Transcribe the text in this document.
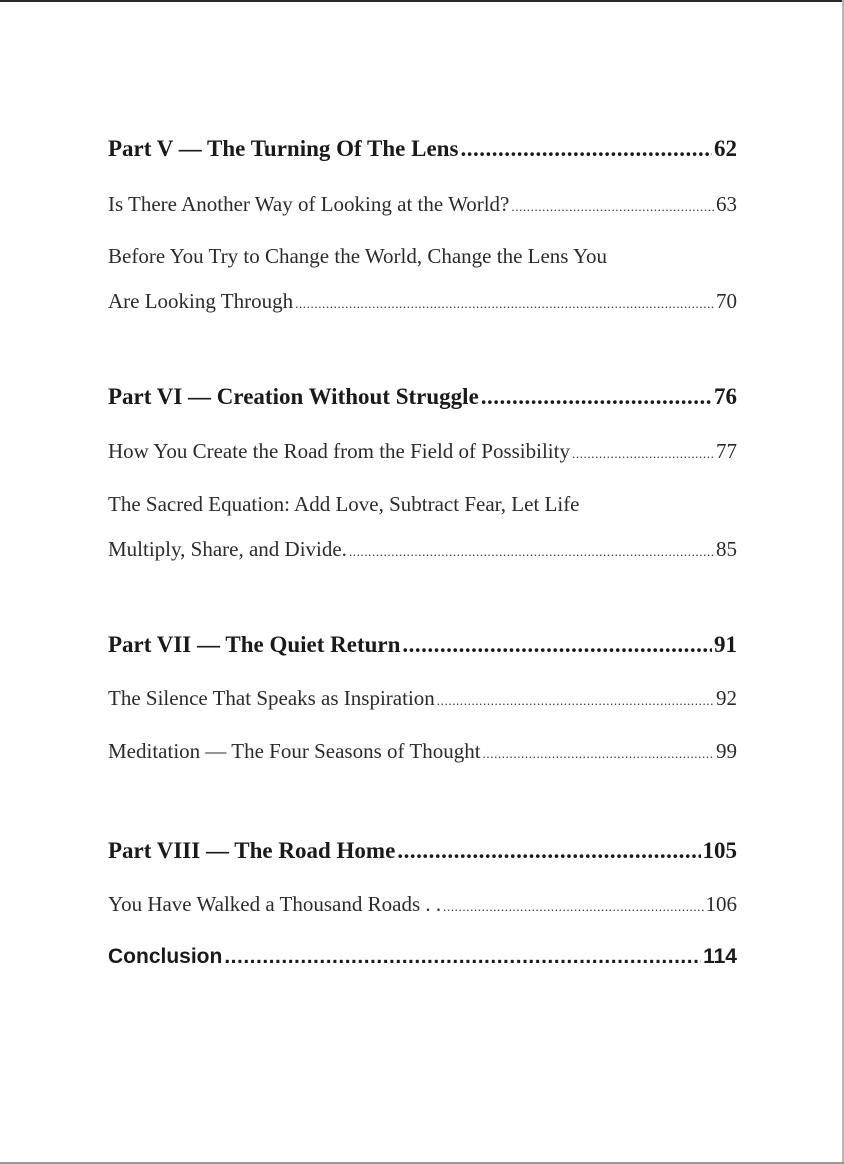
Part V — The Turning Of The Lens .....	62
Is There Another Way of Looking at the World? .....	63
Before You Try to Change the World, Change the Lens You
Are Looking Through .....	70
Part VI — Creation Without Struggle .....	76
How You Create the Road from the Field of Possibility .....	77
The Sacred Equation: Add Love, Subtract Fear, Let Life
Multiply, Share, and Divide. .....	85
Part VII — The Quiet Return .....	91
The Silence That Speaks as Inspiration .....	92
Meditation — The Four Seasons of Thought .....	99
Part VIII — The Road Home .....	105
You Have Walked a Thousand Roads . . .....	106
Conclusion .....	114
